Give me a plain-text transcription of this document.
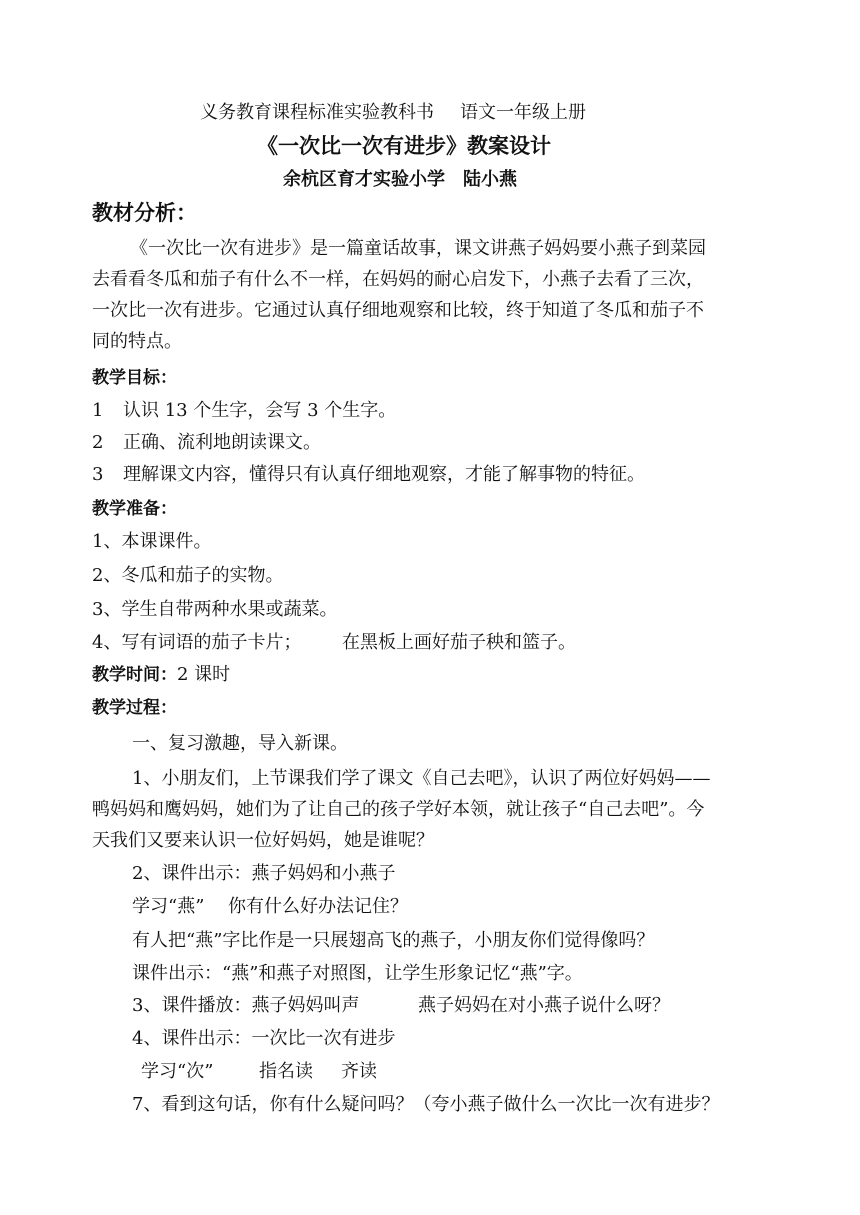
义务教育课程标准实验教科书 语文一年级上册
《一次比一次有进步》教案设计
余杭区育才实验小学 陆小燕
教材分析：
《一次比一次有进步》是一篇童话故事，课文讲燕子妈妈要小燕子到菜园
去看看冬瓜和茄子有什么不一样，在妈妈的耐心启发下，小燕子去看了三次，
一次比一次有进步。它通过认真仔细地观察和比较，终于知道了冬瓜和茄子不
同的特点。
教学目标：
1 认识 13 个生字，会写 3 个生字。
2 正确、流利地朗读课文。
3 理解课文内容，懂得只有认真仔细地观察，才能了解事物的特征。
教学准备：
1、本课课件。
2、冬瓜和茄子的实物。
3、学生自带两种水果或蔬菜。
4、写有词语的茄子卡片； 在黑板上画好茄子秧和篮子。
教学时间：2 课时
教学过程：
一、复习激趣，导入新课。
1、小朋友们，上节课我们学了课文《自己去吧》，认识了两位好妈妈——
鸭妈妈和鹰妈妈，她们为了让自己的孩子学好本领，就让孩子“自己去吧”。今
天我们又要来认识一位好妈妈，她是谁呢？
2、课件出示：燕子妈妈和小燕子
学习“燕” 你有什么好办法记住？
有人把“燕”字比作是一只展翅高飞的燕子，小朋友你们觉得像吗？
课件出示：“燕”和燕子对照图，让学生形象记忆“燕”字。
3、课件播放：燕子妈妈叫声	燕子妈妈在对小燕子说什么呀？
4、课件出示：一次比一次有进步
学习“次”	指名读 齐读
7、看到这句话，你有什么疑问吗？（夸小燕子做什么一次比一次有进步？
